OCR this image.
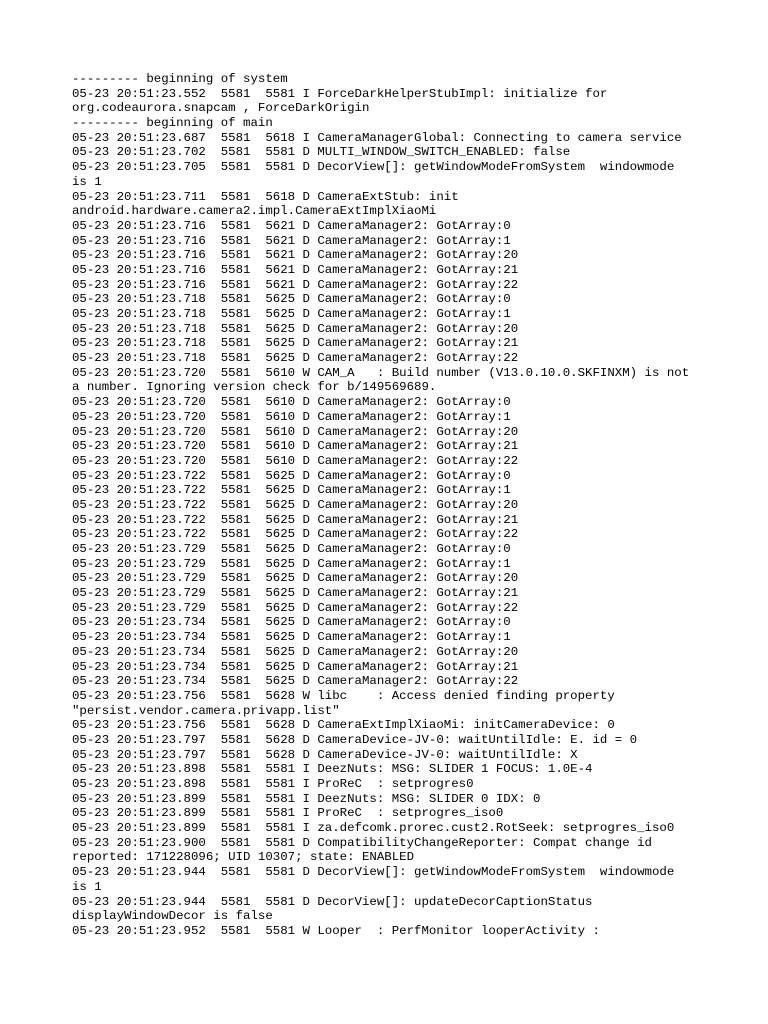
--------- beginning of system
05-23 20:51:23.552  5581  5581 I ForceDarkHelperStubImpl: initialize for
org.codeaurora.snapcam , ForceDarkOrigin
--------- beginning of main
05-23 20:51:23.687  5581  5618 I CameraManagerGlobal: Connecting to camera service
05-23 20:51:23.702  5581  5581 D MULTI_WINDOW_SWITCH_ENABLED: false
05-23 20:51:23.705  5581  5581 D DecorView[]: getWindowModeFromSystem  windowmode
is 1
05-23 20:51:23.711  5581  5618 D CameraExtStub: init
android.hardware.camera2.impl.CameraExtImplXiaoMi
05-23 20:51:23.716  5581  5621 D CameraManager2: GotArray:0
05-23 20:51:23.716  5581  5621 D CameraManager2: GotArray:1
05-23 20:51:23.716  5581  5621 D CameraManager2: GotArray:20
05-23 20:51:23.716  5581  5621 D CameraManager2: GotArray:21
05-23 20:51:23.716  5581  5621 D CameraManager2: GotArray:22
05-23 20:51:23.718  5581  5625 D CameraManager2: GotArray:0
05-23 20:51:23.718  5581  5625 D CameraManager2: GotArray:1
05-23 20:51:23.718  5581  5625 D CameraManager2: GotArray:20
05-23 20:51:23.718  5581  5625 D CameraManager2: GotArray:21
05-23 20:51:23.718  5581  5625 D CameraManager2: GotArray:22
05-23 20:51:23.720  5581  5610 W CAM_A   : Build number (V13.0.10.0.SKFINXM) is not
a number. Ignoring version check for b/149569689.
05-23 20:51:23.720  5581  5610 D CameraManager2: GotArray:0
05-23 20:51:23.720  5581  5610 D CameraManager2: GotArray:1
05-23 20:51:23.720  5581  5610 D CameraManager2: GotArray:20
05-23 20:51:23.720  5581  5610 D CameraManager2: GotArray:21
05-23 20:51:23.720  5581  5610 D CameraManager2: GotArray:22
05-23 20:51:23.722  5581  5625 D CameraManager2: GotArray:0
05-23 20:51:23.722  5581  5625 D CameraManager2: GotArray:1
05-23 20:51:23.722  5581  5625 D CameraManager2: GotArray:20
05-23 20:51:23.722  5581  5625 D CameraManager2: GotArray:21
05-23 20:51:23.722  5581  5625 D CameraManager2: GotArray:22
05-23 20:51:23.729  5581  5625 D CameraManager2: GotArray:0
05-23 20:51:23.729  5581  5625 D CameraManager2: GotArray:1
05-23 20:51:23.729  5581  5625 D CameraManager2: GotArray:20
05-23 20:51:23.729  5581  5625 D CameraManager2: GotArray:21
05-23 20:51:23.729  5581  5625 D CameraManager2: GotArray:22
05-23 20:51:23.734  5581  5625 D CameraManager2: GotArray:0
05-23 20:51:23.734  5581  5625 D CameraManager2: GotArray:1
05-23 20:51:23.734  5581  5625 D CameraManager2: GotArray:20
05-23 20:51:23.734  5581  5625 D CameraManager2: GotArray:21
05-23 20:51:23.734  5581  5625 D CameraManager2: GotArray:22
05-23 20:51:23.756  5581  5628 W libc    : Access denied finding property
"persist.vendor.camera.privapp.list"
05-23 20:51:23.756  5581  5628 D CameraExtImplXiaoMi: initCameraDevice: 0
05-23 20:51:23.797  5581  5628 D CameraDevice-JV-0: waitUntilIdle: E. id = 0
05-23 20:51:23.797  5581  5628 D CameraDevice-JV-0: waitUntilIdle: X
05-23 20:51:23.898  5581  5581 I DeezNuts: MSG: SLIDER 1 FOCUS: 1.0E-4
05-23 20:51:23.898  5581  5581 I ProReC  : setprogres0
05-23 20:51:23.899  5581  5581 I DeezNuts: MSG: SLIDER 0 IDX: 0
05-23 20:51:23.899  5581  5581 I ProReC  : setprogres_iso0
05-23 20:51:23.899  5581  5581 I za.defcomk.prorec.cust2.RotSeek: setprogres_iso0
05-23 20:51:23.900  5581  5581 D CompatibilityChangeReporter: Compat change id
reported: 171228096; UID 10307; state: ENABLED
05-23 20:51:23.944  5581  5581 D DecorView[]: getWindowModeFromSystem  windowmode
is 1
05-23 20:51:23.944  5581  5581 D DecorView[]: updateDecorCaptionStatus
displayWindowDecor is false
05-23 20:51:23.952  5581  5581 W Looper  : PerfMonitor looperActivity :
